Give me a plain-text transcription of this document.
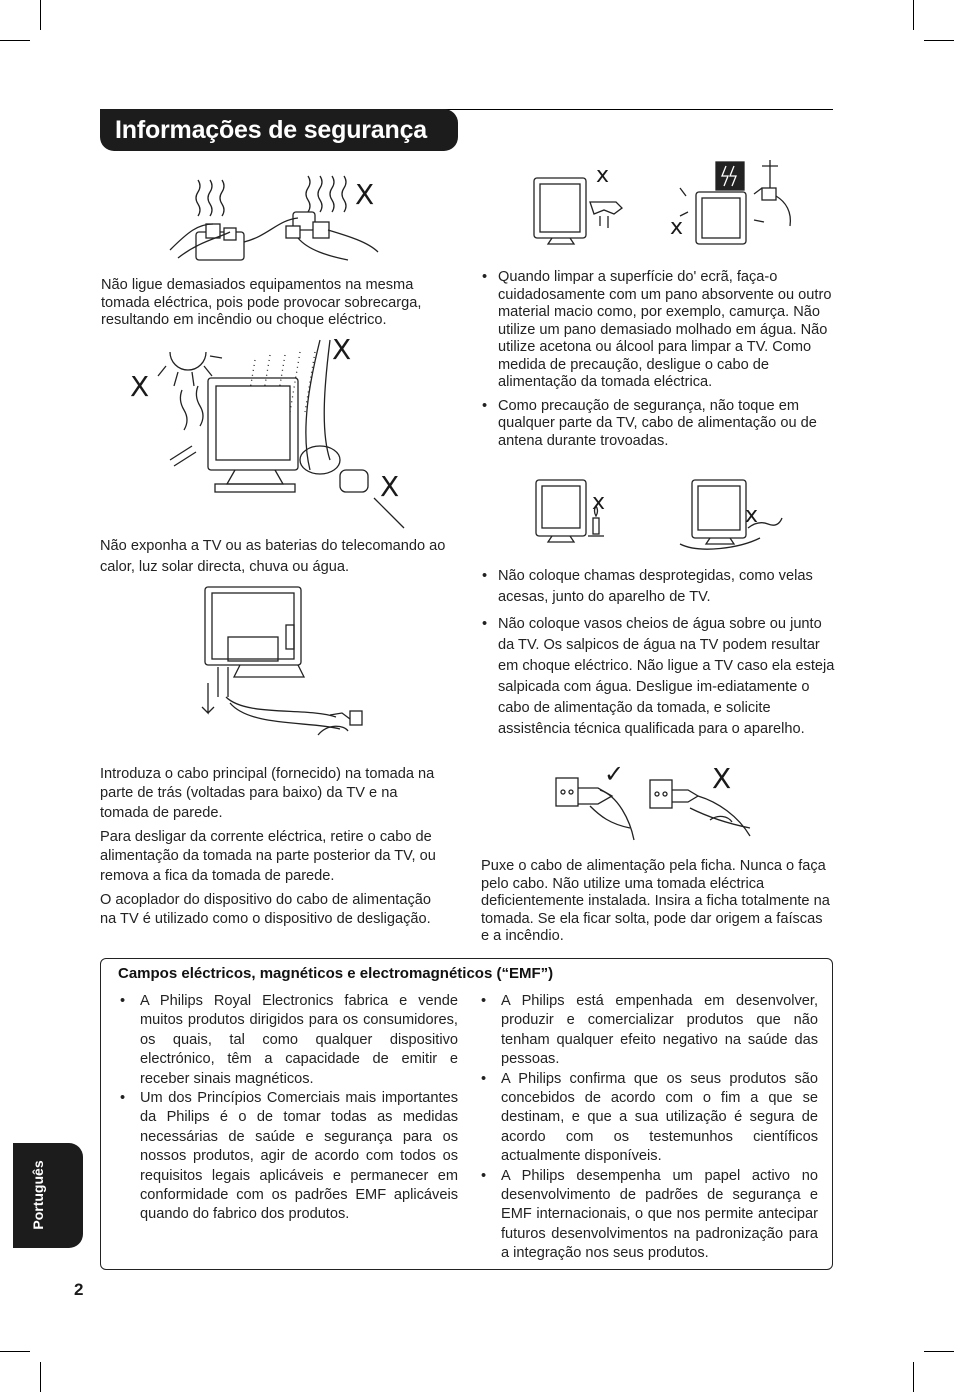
Informações de segurança
X
Não ligue demasiados equipamentos na mesma tomada eléctrica, pois pode provocar sobrecarga, resultando em incêndio ou choque eléctrico.
X
X
X
Não exponha a TV ou as baterias do telecomando ao calor, luz solar directa, chuva ou água.
Introduza o cabo principal (fornecido) na tomada na parte de trás (voltadas para baixo) da TV e na tomada de parede.
Para desligar da corrente eléctrica, retire o cabo de alimentação da tomada na parte posterior da TV, ou remova a fica da tomada de parede.
O acoplador do dispositivo do cabo de alimentação na TV é utilizado como o dispositivo de desligação.
x
x
• Quando limpar a superfície do' ecrã, faça-o cuidadosamente com um pano absorvente ou outro material macio como, por exemplo, camurça. Não utilize um pano demasiado molhado em água. Não utilize acetona ou álcool para limpar a TV. Como medida de precaução, desligue o cabo de alimentação da tomada eléctrica.
• Como precaução de segurança, não toque em qualquer parte da TV, cabo de alimentação ou de antena durante trovoadas.
x
x
• Não coloque chamas desprotegidas, como velas acesas, junto do aparelho de TV.
• Não coloque vasos cheios de água sobre ou junto da TV. Os salpicos de água na TV podem resultar em choque eléctrico. Não ligue a TV caso ela esteja salpicada com água. Desligue im-ediatamente o cabo de alimentação da tomada, e solicite assistência técnica qualificada para o aparelho.
✓	X
Puxe o cabo de alimentação pela ficha. Nunca o faça pelo cabo. Não utilize uma tomada eléctrica deficientemente instalada. Insira a ficha totalmente na tomada. Se ela ficar solta, pode dar origem a faíscas e a incêndio.
Campos eléctricos, magnéticos e electromagnéticos (“EMF”)
• A Philips Royal Electronics fabrica e vende muitos produtos dirigidos para os consumidores, os quais, tal como qualquer dispositivo electrónico, têm a capacidade de emitir e receber sinais magnéticos.
• Um dos Princípios Comerciais mais importantes da Philips é o de tomar todas as medidas necessárias de saúde e segurança para os nossos produtos, agir de acordo com todos os requisitos legais aplicáveis e permanecer em conformidade com os padrões EMF aplicáveis quando do fabrico dos produtos.
• A Philips está empenhada em desenvolver, produzir e comercializar produtos que não tenham qualquer efeito negativo na saúde das pessoas.
• A Philips confirma que os seus produtos são concebidos de acordo com o fim a que se destinam, e que a sua utilização é segura de acordo com os testemunhos científicos actualmente disponíveis.
• A Philips desempenha um papel activo no desenvolvimento de padrões de segurança e EMF internacionais, o que nos permite antecipar futuros desenvolvimentos na padronização para a integração nos seus produtos.
Português
2
